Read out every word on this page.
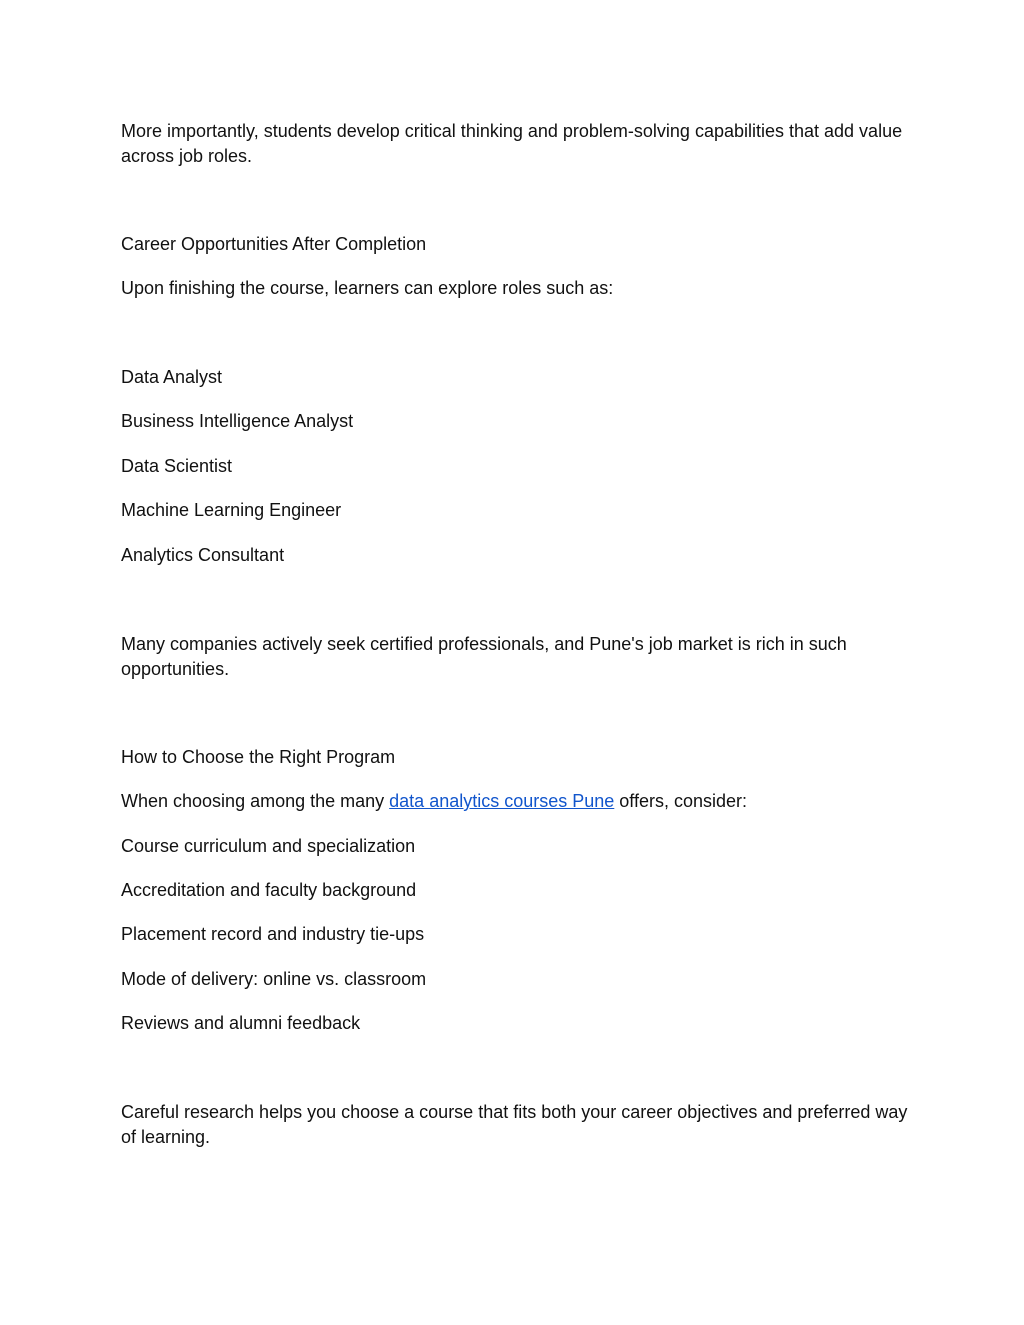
More importantly, students develop critical thinking and problem-solving capabilities that add value across job roles.
Career Opportunities After Completion
Upon finishing the course, learners can explore roles such as:
Data Analyst
Business Intelligence Analyst
Data Scientist
Machine Learning Engineer
Analytics Consultant
Many companies actively seek certified professionals, and Pune's job market is rich in such opportunities.
How to Choose the Right Program
When choosing among the many data analytics courses Pune offers, consider:
Course curriculum and specialization
Accreditation and faculty background
Placement record and industry tie-ups
Mode of delivery: online vs. classroom
Reviews and alumni feedback
Careful research helps you choose a course that fits both your career objectives and preferred way of learning.
